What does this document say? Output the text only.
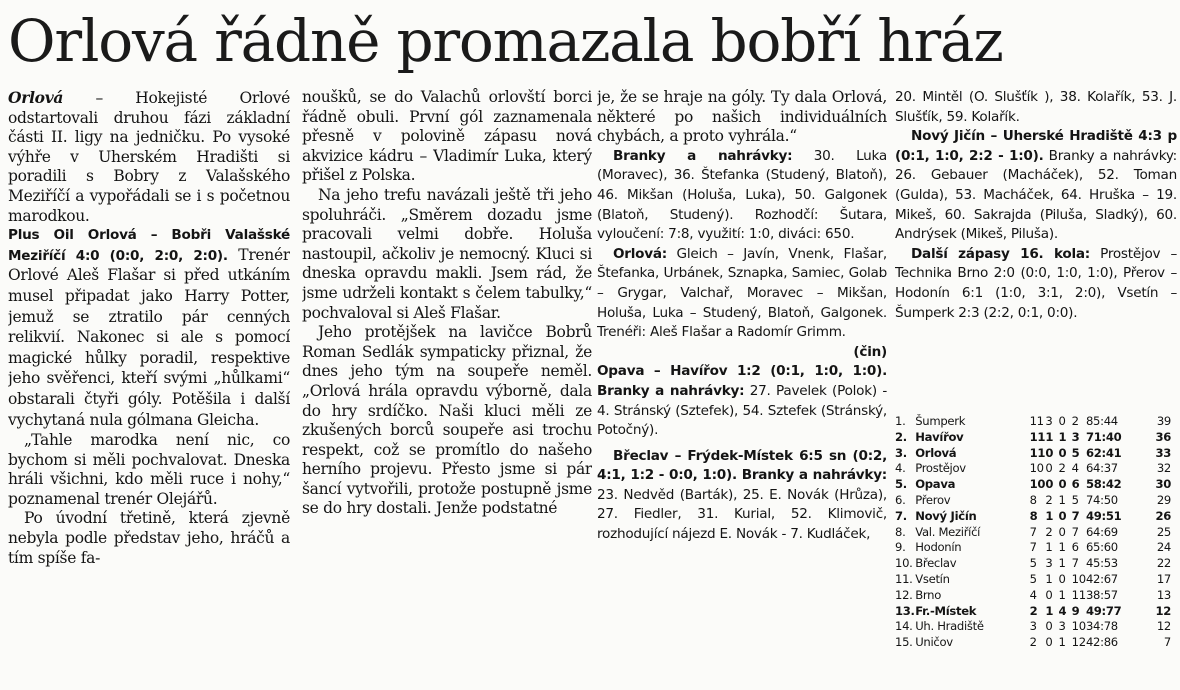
Orlová řádně promazala bobří hráz

Orlová – Hokejisté Orlové odstartovali druhou fázi základní části II. ligy na jedničku. Po vysoké výhře v Uherském Hradišti si poradili s Bobry z Valašského Meziříčí a vypořádali se i s početnou marodkou.

Plus Oil Orlová – Bobři Valašské Meziříčí 4:0 (0:0, 2:0, 2:0). Trenér Orlové Aleš Flašar si před utkáním musel připadat jako Harry Potter, jemuž se ztratilo pár cenných relikvií. Nakonec si ale s pomocí magické hůlky poradil, respektive jeho svěřenci, kteří svými „hůlkami“ obstarali čtyři góly. Potěšila i další vychytaná nula gólmana Gleicha.

„Tahle marodka není nic, co bychom si měli pochvalovat. Dneska hráli všichni, kdo měli ruce i nohy,“ poznamenal trenér Olejářů.

Po úvodní třetině, která zjevně nebyla podle představ jeho, hráčů a tím spíše fa-

noušků, se do Valachů orlovští borci řádně obuli. První gól zaznamenala přesně v polovině zápasu nová akvizice kádru – Vladimír Luka, který přišel z Polska.

Na jeho trefu navázali ještě tři jeho spoluhráči. „Směrem dozadu jsme pracovali velmi dobře. Holuša nastoupil, ačkoliv je nemocný. Kluci si dneska opravdu makli. Jsem rád, že jsme udrželi kontakt s čelem tabulky,“ pochvaloval si Aleš Flašar.

Jeho protějšek na lavičce Bobrů Roman Sedlák sympaticky přiznal, že dnes jeho tým na soupeře neměl. „Orlová hrála opravdu výborně, dala do hry srdíčko. Naši kluci měli ze zkušených borců soupeře asi trochu respekt, což se promítlo do našeho herního projevu. Přesto jsme si pár šancí vytvořili, protože postupně jsme se do hry dostali. Jenže podstatné

je, že se hraje na góly. Ty dala Orlová, některé po našich individuálních chybách, a proto vyhrála.“

Branky a nahrávky: 30. Luka (Moravec), 36. Štefanka (Studený, Blatoň), 46. Mikšan (Holuša, Luka), 50. Galgonek (Blatoň, Studený). Rozhodčí: Šutara, vyloučení: 7:8, využití: 1:0, diváci: 650.

Orlová: Gleich – Javín, Vnenk, Flašar, Štefanka, Urbánek, Sznapka, Samiec, Golab – Grygar, Valchař, Moravec – Mikšan, Holuša, Luka – Studený, Blatoň, Galgonek. Trenéři: Aleš Flašar a Radomír Grimm.
(čin)

Opava – Havířov 1:2 (0:1, 1:0, 1:0). Branky a nahrávky: 27. Pavelek (Polok) - 4. Stránský (Sztefek), 54. Sztefek (Stránský, Potočný).

Břeclav – Frýdek-Místek 6:5 sn (0:2, 4:1, 1:2 - 0:0, 1:0). Branky a nahrávky: 23. Nedvěd (Barták), 25. E. Novák (Hrůza), 27. Fiedler, 31. Kurial, 52. Klimovič, rozhodující nájezd E. Novák - 7. Kudláček,

20. Mintěl (O. Slušťík ), 38. Kolařík, 53. J. Slušťík, 59. Kolařík.

Nový Jičín – Uherské Hradiště 4:3 p (0:1, 1:0, 2:2 - 1:0). Branky a nahrávky: 26. Gebauer (Macháček), 52. Toman (Gulda), 53. Macháček, 64. Hruška – 19. Mikeš, 60. Sakrajda (Piluša, Sladký), 60. Andrýsek (Mikeš, Piluša).

Další zápasy 16. kola: Prostějov – Technika Brno 2:0 (0:0, 1:0, 1:0), Přerov – Hodonín 6:1 (1:0, 3:1, 2:0), Vsetín – Šumperk 2:3 (2:2, 0:1, 0:0).

1.	Šumperk	11	3	0	2	85:44	39
2.	Havířov	11	1	1	3	71:40	36
3.	Orlová	11	0	0	5	62:41	33
4.	Prostějov	10	0	2	4	64:37	32
5.	Opava	10	0	0	6	58:42	30
6.	Přerov	8	2	1	5	74:50	29
7.	Nový Jičín	8	1	0	7	49:51	26
8.	Val. Meziříčí	7	2	0	7	64:69	25
9.	Hodonín	7	1	1	6	65:60	24
10.	Břeclav	5	3	1	7	45:53	22
11.	Vsetín	5	1	0	10	42:67	17
12.	Brno	4	0	1	11	38:57	13
13.	Fr.-Místek	2	1	4	9	49:77	12
14.	Uh. Hradiště	3	0	3	10	34:78	12
15.	Uničov	2	0	1	12	42:86	7
